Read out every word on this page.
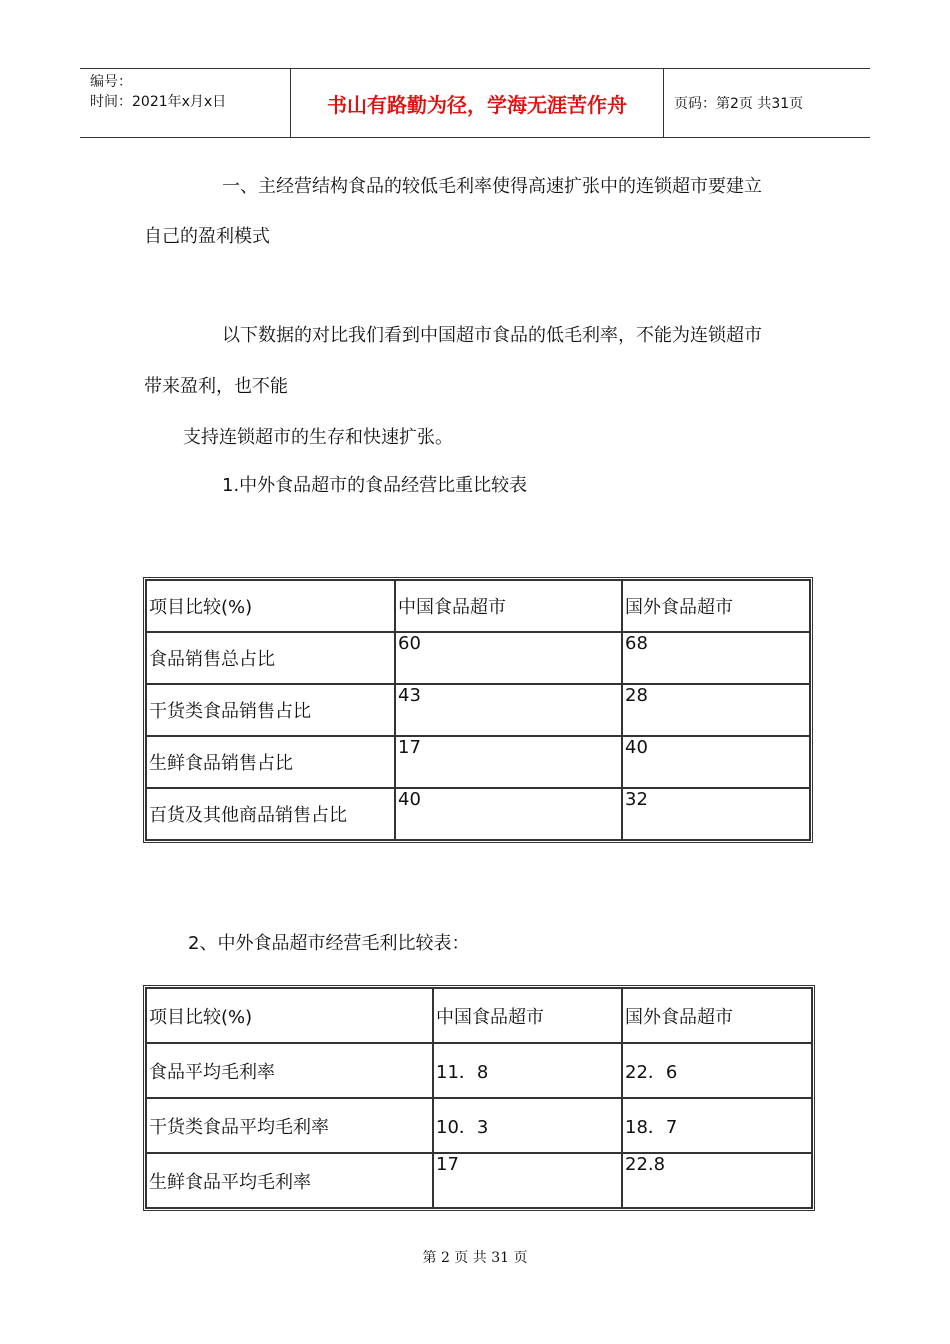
编号：
时间：2021年x月x日	书山有路勤为径，学海无涯苦作舟	页码：第2页 共31页
一、主经营结构食品的较低毛利率使得高速扩张中的连锁超市要建立
自己的盈利模式
以下数据的对比我们看到中国超市食品的低毛利率，不能为连锁超市
带来盈利，也不能
支持连锁超市的生存和快速扩张。
1.中外食品超市的食品经营比重比较表
项目比较(%)	中国食品超市	国外食品超市
食品销售总占比	60	68
干货类食品销售占比	43	28
生鲜食品销售占比	17	40
百货及其他商品销售占比	40	32
2、中外食品超市经营毛利比较表：
项目比较(%)	中国食品超市	国外食品超市
食品平均毛利率	11．8	22．6
干货类食品平均毛利率	10．3	18．7
生鲜食品平均毛利率	17	22.8
第 2 页 共 31 页
